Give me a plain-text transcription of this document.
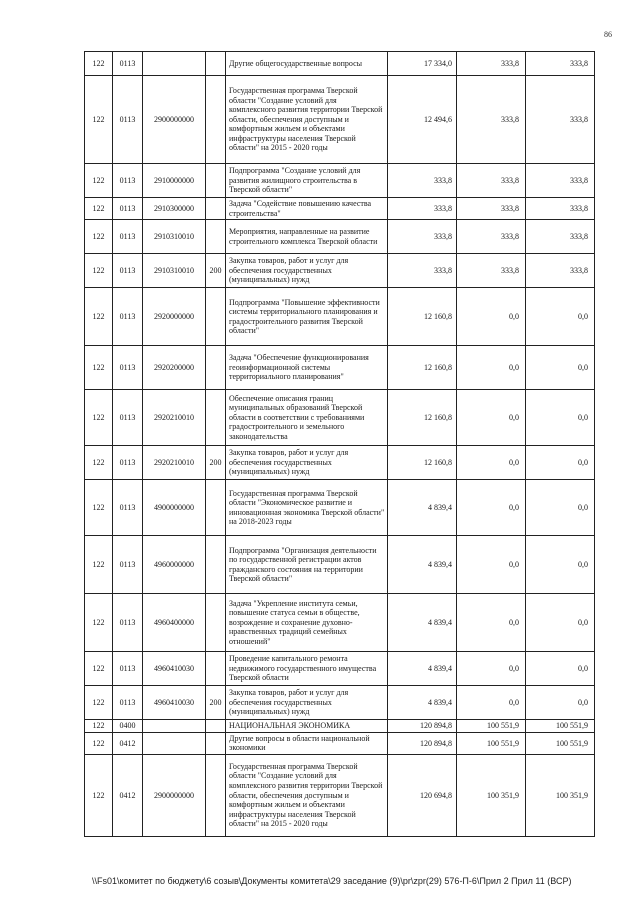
86
122	0113			Другие общегосударственные вопросы	17 334,0	333,8	333,8
122	0113	2900000000		Государственная программа Тверской области "Создание условий для комплексного развития территории Тверской области, обеспечения доступным и комфортным жильем и объектами инфраструктуры населения Тверской области" на 2015 - 2020 годы	12 494,6	333,8	333,8
122	0113	2910000000		Подпрограмма "Создание условий для развития жилищного строительства в Тверской области"	333,8	333,8	333,8
122	0113	2910300000		Задача "Содействие повышению качества строительства"	333,8	333,8	333,8
122	0113	2910310010		Мероприятия, направленные на развитие строительного комплекса Тверской области	333,8	333,8	333,8
122	0113	2910310010	200	Закупка товаров, работ и услуг для обеспечения государственных (муниципальных) нужд	333,8	333,8	333,8
122	0113	2920000000		Подпрограмма "Повышение эффективности системы территориального планирования и градостроительного развития Тверской области"	12 160,8	0,0	0,0
122	0113	2920200000		Задача "Обеспечение функционирования геоинформационной системы территориального планирования"	12 160,8	0,0	0,0
122	0113	2920210010		Обеспечение описания границ муниципальных образований Тверской области в соответствии с требованиями градостроительного и земельного законодательства	12 160,8	0,0	0,0
122	0113	2920210010	200	Закупка товаров, работ и услуг для обеспечения государственных (муниципальных) нужд	12 160,8	0,0	0,0
122	0113	4900000000		Государственная программа Тверской области "Экономическое развитие и инновационная экономика Тверской области" на 2018-2023 годы	4 839,4	0,0	0,0
122	0113	4960000000		Подпрограмма "Организация деятельности по государственной регистрации актов гражданского состояния на территории Тверской области"	4 839,4	0,0	0,0
122	0113	4960400000		Задача "Укрепление института семьи, повышение статуса семьи в обществе, возрождение и сохранение духовно-нравственных традиций семейных отношений"	4 839,4	0,0	0,0
122	0113	4960410030		Проведение капитального ремонта недвижимого государственного имущества Тверской области	4 839,4	0,0	0,0
122	0113	4960410030	200	Закупка товаров, работ и услуг для обеспечения государственных (муниципальных) нужд	4 839,4	0,0	0,0
122	0400			НАЦИОНАЛЬНАЯ ЭКОНОМИКА	120 894,8	100 551,9	100 551,9
122	0412			Другие вопросы в области национальной экономики	120 894,8	100 551,9	100 551,9
122	0412	2900000000		Государственная программа Тверской области "Создание условий для комплексного развития территории Тверской области, обеспечения доступным и комфортным жильем и объектами инфраструктуры населения Тверской области" на 2015 - 2020 годы	120 694,8	100 351,9	100 351,9
\\Fs01\комитет по бюджету\6 созыв\Документы комитета\29 заседание (9)\pr\zpr(29) 576-П-6\Прил 2 Прил 11 (ВСР)
